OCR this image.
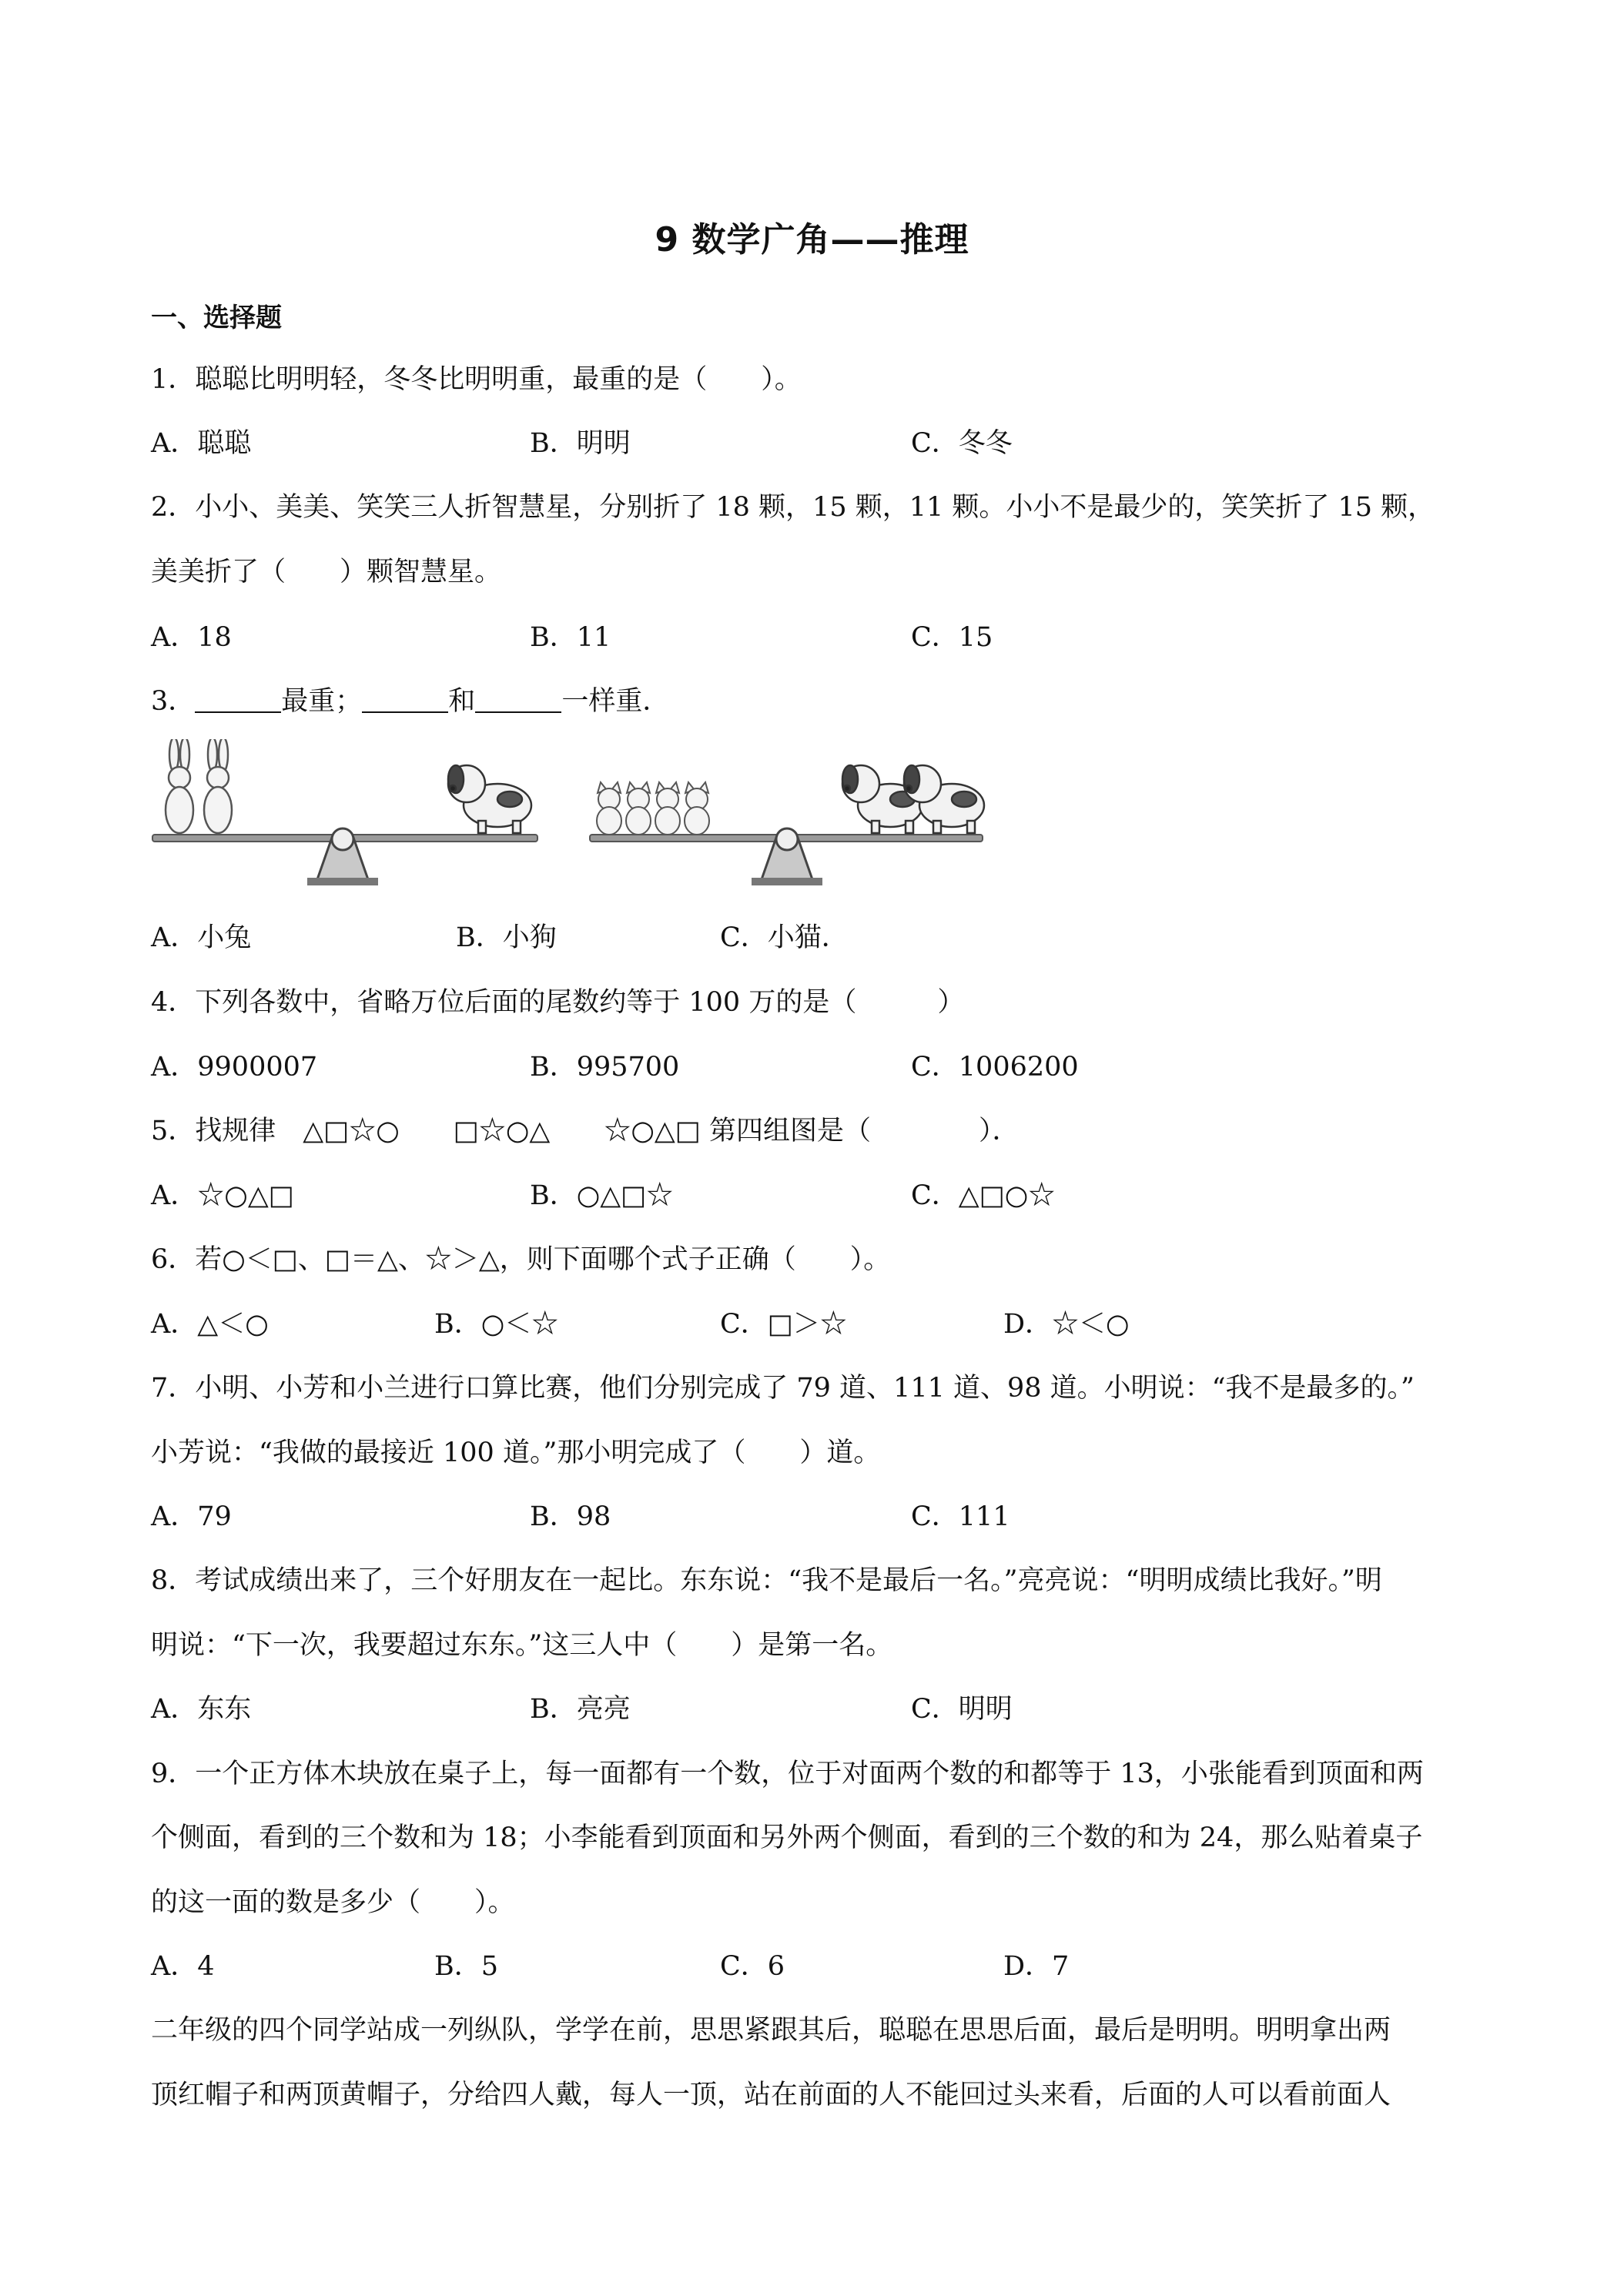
9 数学广角——推理
一、选择题
1．聪聪比明明轻，冬冬比明明重，最重的是（　　）。
A．聪聪	B．明明	C．冬冬
2．小小、美美、笑笑三人折智慧星，分别折了 18 颗，15 颗，11 颗。小小不是最少的，笑笑折了 15 颗，
美美折了（　　）颗智慧星。
A．18	B．11	C．15
3．	最重；	和	一样重．
A．小兔	B．小狗	C．小猫．
4．下列各数中，省略万位后面的尾数约等于 100 万的是（　　　）
A．9900007	B．995700	C．1006200
5．找规律　△□☆○　　□☆○△　　☆○△□ 第四组图是（　　　　）．
A．☆○△□	B．○△□☆	C．△□○☆
6．若○＜□、□＝△、☆＞△，则下面哪个式子正确（　　）。
A．△＜○	B．○＜☆	C．□＞☆	D．☆＜○
7．小明、小芳和小兰进行口算比赛，他们分别完成了 79 道、111 道、98 道。小明说：“我不是最多的。”
小芳说：“我做的最接近 100 道。”那小明完成了（　　）道。
A．79	B．98	C．111
8．考试成绩出来了，三个好朋友在一起比。东东说：“我不是最后一名。”亮亮说：“明明成绩比我好。”明
明说：“下一次，我要超过东东。”这三人中（　　）是第一名。
A．东东	B．亮亮	C．明明
9．一个正方体木块放在桌子上，每一面都有一个数，位于对面两个数的和都等于 13，小张能看到顶面和两
个侧面，看到的三个数和为 18；小李能看到顶面和另外两个侧面，看到的三个数的和为 24，那么贴着桌子
的这一面的数是多少（　　）。
A．4	B．5	C．6	D．7
二年级的四个同学站成一列纵队，学学在前，思思紧跟其后，聪聪在思思后面，最后是明明。明明拿出两
顶红帽子和两顶黄帽子，分给四人戴，每人一顶，站在前面的人不能回过头来看，后面的人可以看前面人
